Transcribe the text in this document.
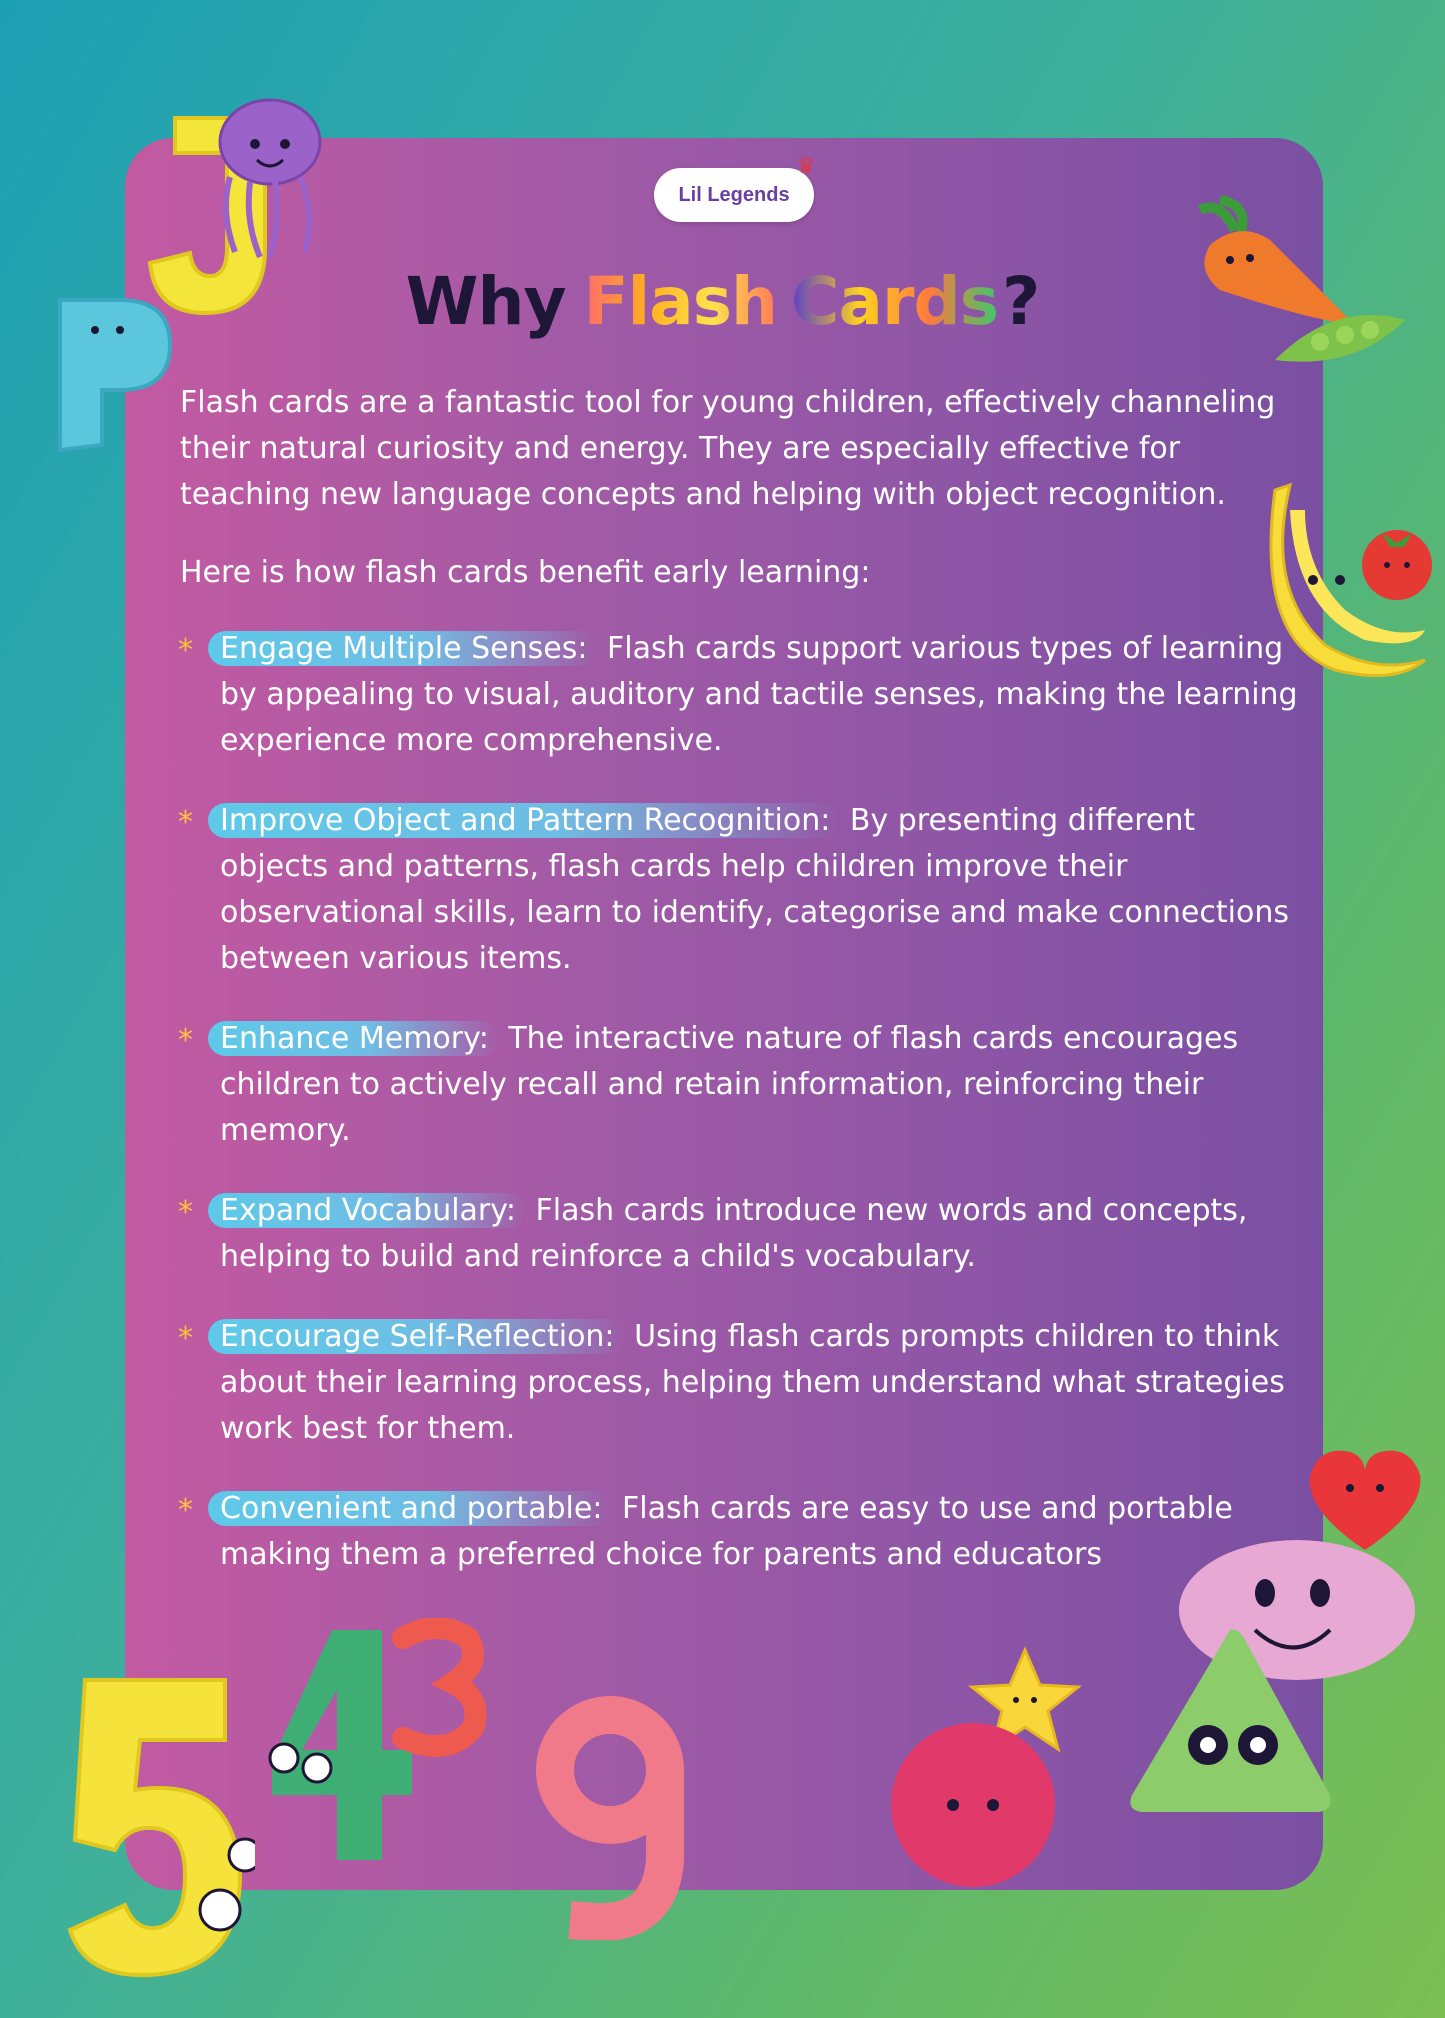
Lil Legends
♛
Why Flash Cards?
Flash cards are a fantastic tool for young children, effectively channeling their natural curiosity and energy. They are especially effective for teaching new language concepts and helping with object recognition.
Here is how flash cards benefit early learning:
* Engage Multiple Senses: Flash cards support various types of learning by appealing to visual, auditory and tactile senses, making the learning experience more comprehensive.
* Improve Object and Pattern Recognition: By presenting different objects and patterns, flash cards help children improve their observational skills, learn to identify, categorise and make connections between various items.
* Enhance Memory: The interactive nature of flash cards encourages children to actively recall and retain information, reinforcing their memory.
* Expand Vocabulary: Flash cards introduce new words and concepts, helping to build and reinforce a child's vocabulary.
* Encourage Self-Reflection: Using flash cards prompts children to think about their learning process, helping them understand what strategies work best for them.
* Convenient and portable: Flash cards are easy to use and portable making them a preferred choice for parents and educators
